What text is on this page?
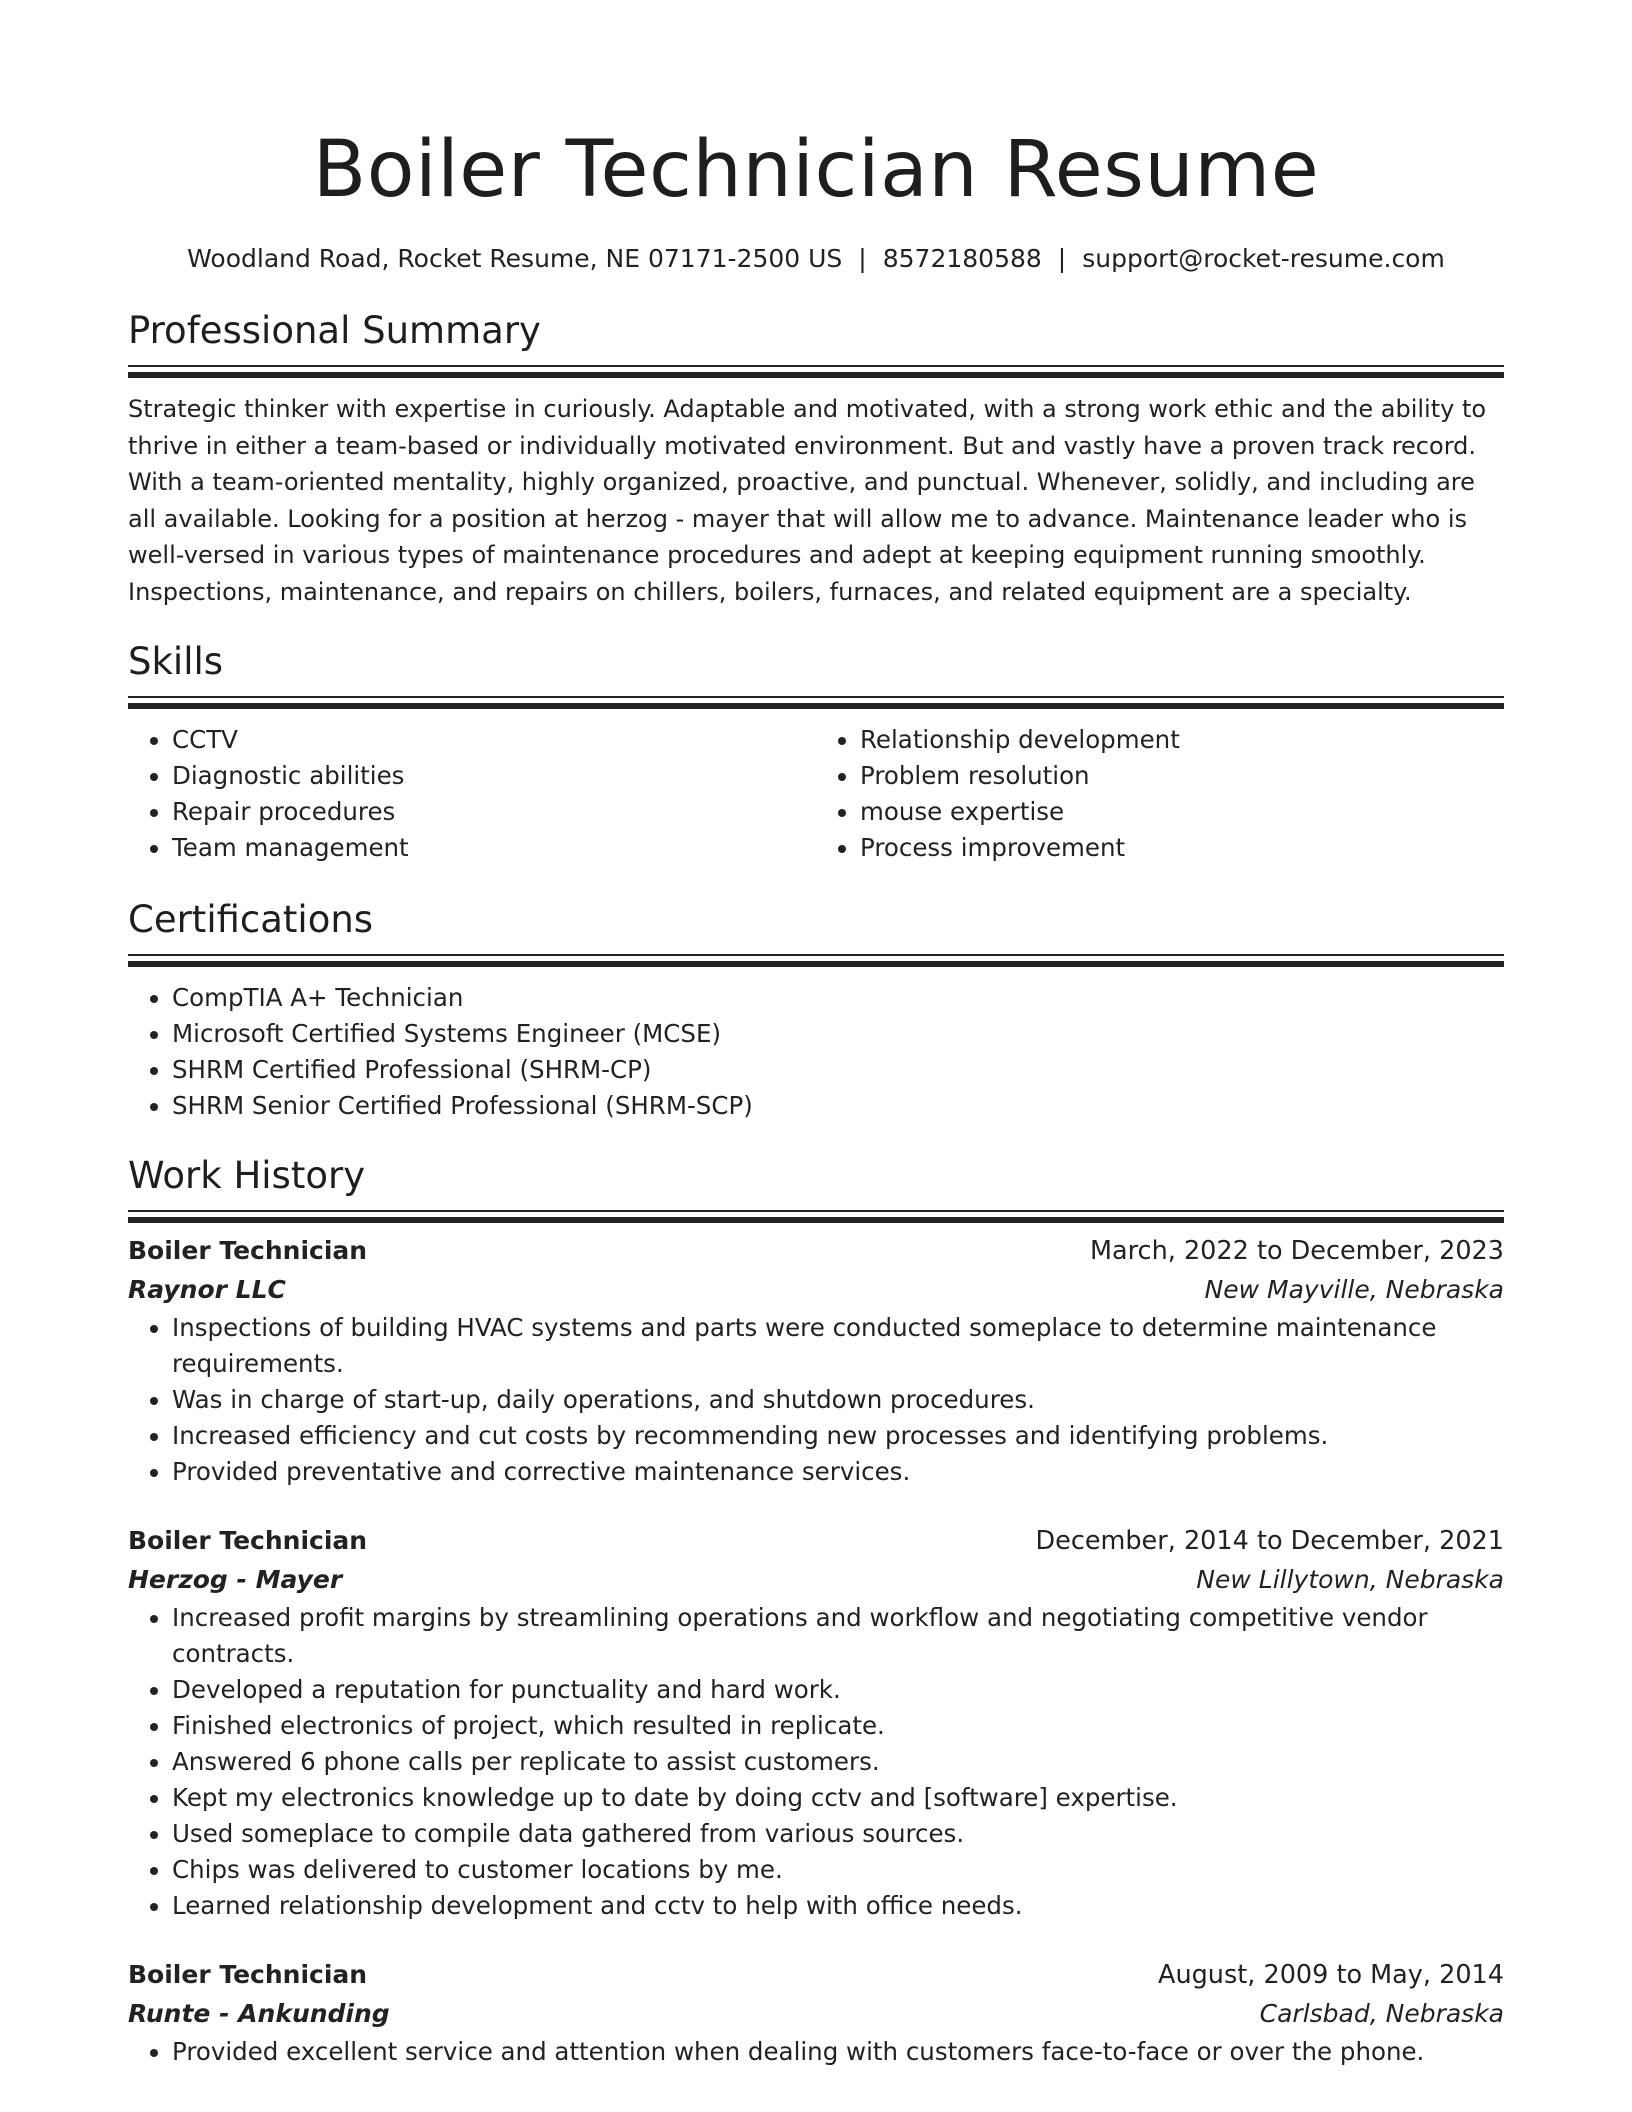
Boiler Technician Resume
Woodland Road, Rocket Resume, NE 07171-2500 US | 8572180588 | support@rocket-resume.com
Professional Summary

Strategic thinker with expertise in curiously. Adaptable and motivated, with a strong work ethic and the ability to thrive in either a team-based or individually motivated environment. But and vastly have a proven track record. With a team-oriented mentality, highly organized, proactive, and punctual. Whenever, solidly, and including are all available. Looking for a position at herzog - mayer that will allow me to advance. Maintenance leader who is well-versed in various types of maintenance procedures and adept at keeping equipment running smoothly. Inspections, maintenance, and repairs on chillers, boilers, furnaces, and related equipment are a specialty.

Skills
• CCTV
• Diagnostic abilities
• Repair procedures
• Team management
• Relationship development
• Problem resolution
• mouse expertise
• Process improvement
Certifications
• CompTIA A+ Technician
• Microsoft Certified Systems Engineer (MCSE)
• SHRM Certified Professional (SHRM-CP)
• SHRM Senior Certified Professional (SHRM-SCP)
Work History
Boiler Technician	March, 2022 to December, 2023
Raynor LLC	New Mayville, Nebraska
• Inspections of building HVAC systems and parts were conducted someplace to determine maintenance requirements.
• Was in charge of start-up, daily operations, and shutdown procedures.
• Increased efficiency and cut costs by recommending new processes and identifying problems.
• Provided preventative and corrective maintenance services.
Boiler Technician	December, 2014 to December, 2021
Herzog - Mayer	New Lillytown, Nebraska
• Increased profit margins by streamlining operations and workflow and negotiating competitive vendor contracts.
• Developed a reputation for punctuality and hard work.
• Finished electronics of project, which resulted in replicate.
• Answered 6 phone calls per replicate to assist customers.
• Kept my electronics knowledge up to date by doing cctv and [software] expertise.
• Used someplace to compile data gathered from various sources.
• Chips was delivered to customer locations by me.
• Learned relationship development and cctv to help with office needs.
Boiler Technician	August, 2009 to May, 2014
Runte - Ankunding	Carlsbad, Nebraska
• Provided excellent service and attention when dealing with customers face-to-face or over the phone.
